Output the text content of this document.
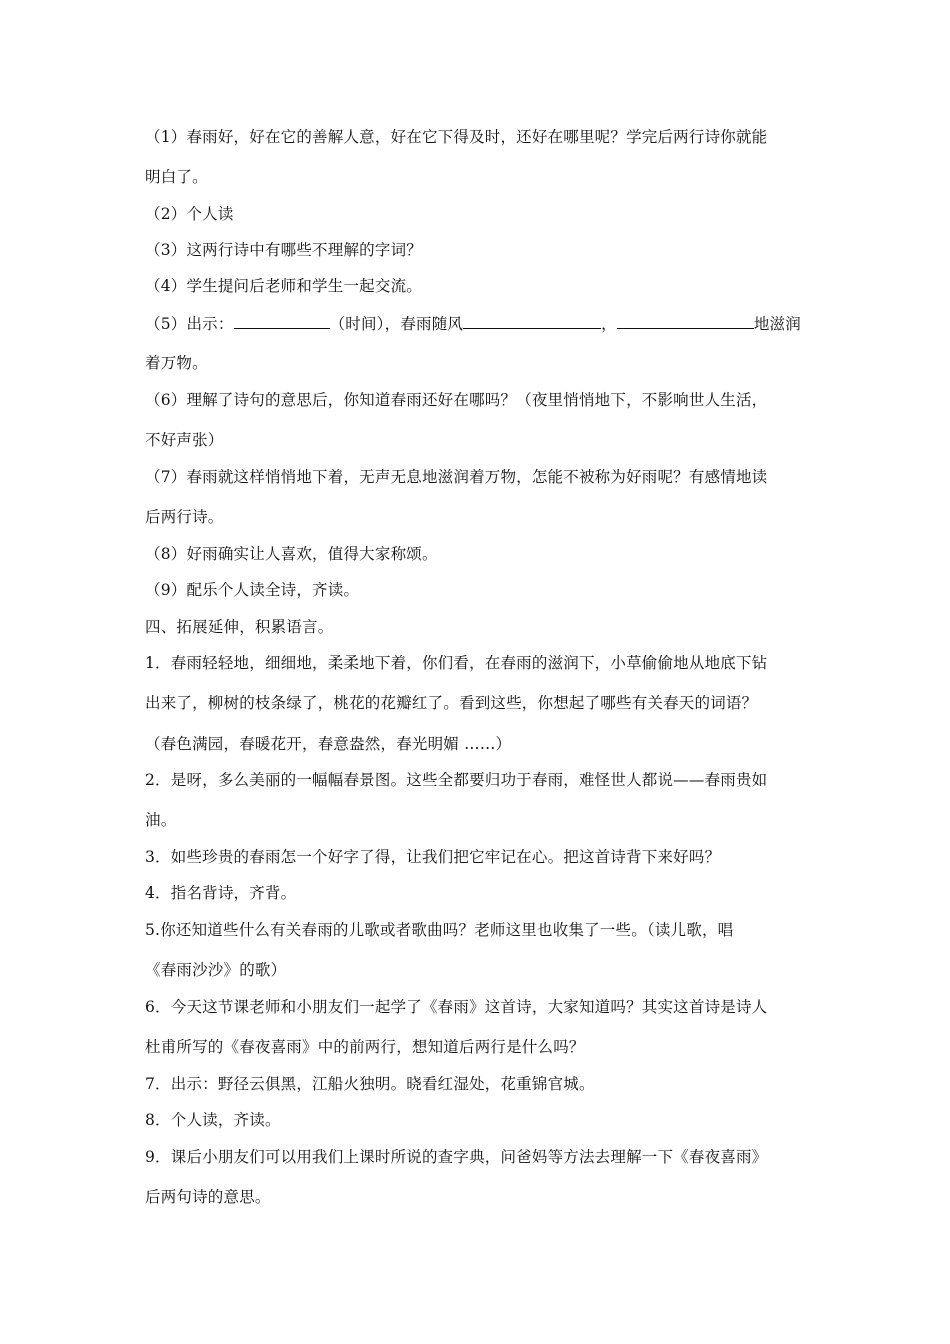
（1）春雨好，好在它的善解人意，好在它下得及时，还好在哪里呢？学完后两行诗你就能
明白了。
（2）个人读
（3）这两行诗中有哪些不理解的字词？
（4）学生提问后老师和学生一起交流。
（5）出示：	（时间），春雨随风	，	地滋润
着万物。
（6）理解了诗句的意思后，你知道春雨还好在哪吗？（夜里悄悄地下，不影响世人生活，
不好声张）
（7）春雨就这样悄悄地下着，无声无息地滋润着万物，怎能不被称为好雨呢？有感情地读
后两行诗。
（8）好雨确实让人喜欢，值得大家称颂。
（9）配乐个人读全诗，齐读。
四、拓展延伸，积累语言。
1．春雨轻轻地，细细地，柔柔地下着，你们看，在春雨的滋润下，小草偷偷地从地底下钻
出来了，柳树的枝条绿了，桃花的花瓣红了。看到这些，你想起了哪些有关春天的词语？
（春色满园，春暖花开，春意盎然，春光明媚 ……）
2．是呀，多么美丽的一幅幅春景图。这些全都要归功于春雨，难怪世人都说——春雨贵如
油。
3．如些珍贵的春雨怎一个好字了得，让我们把它牢记在心。把这首诗背下来好吗？
4．指名背诗，齐背。
5.你还知道些什么有关春雨的儿歌或者歌曲吗？老师这里也收集了一些。（读儿歌，唱
《春雨沙沙》的歌）
6．今天这节课老师和小朋友们一起学了《春雨》这首诗，大家知道吗？其实这首诗是诗人
杜甫所写的《春夜喜雨》中的前两行，想知道后两行是什么吗？
7．出示：野径云俱黑，江船火独明。晓看红湿处，花重锦官城。
8．个人读，齐读。
9．课后小朋友们可以用我们上课时所说的查字典，问爸妈等方法去理解一下《春夜喜雨》
后两句诗的意思。
